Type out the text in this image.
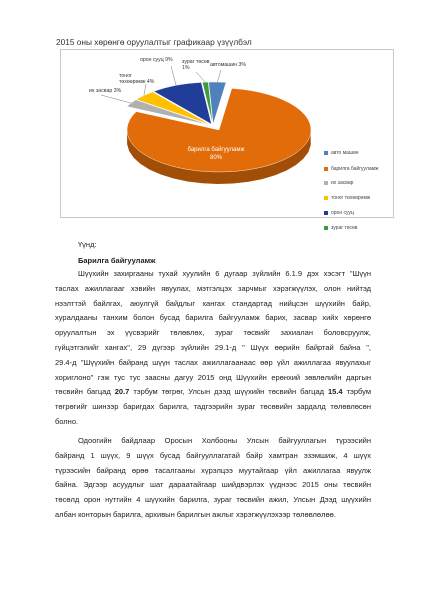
2015 оны хөрөнгө оруулалтыг графикаар үзүүлбэл
тоног
төхөөрөмж 4%
их засвар 3%
орон сууц 9% зураг төсөв
1%	автомашин 3%
барилга байгууламж
80%
авто машин
барилга байгууламж
их засвар
тоног төхөөрөмж
орон сууц
зураг төсөв
Үүнд:
Барилга байгууламж
Шүүхийн захиргааны тухай хуулийн 6 дугаар зүйлийн 6.1.9 дэх хэсэгт "Шүүн
таслах ажиллагааг хэвийн явуулах, мэтгэлцэх зарчмыг хэрэгжүүлэх, олон нийтэд
нээлттэй байлгах, аюулгүй байдлыг хангах стандартад нийцсэн шүүхийн байр,
хуралдааны танхим болон бусад барилга байгууламж барих, засвар хийх хөрөнгө
оруулалтын эх үүсвэрийг төлөвлөх, зураг төсвийг захиалан боловсруулж,
гүйцэтгэлийг хангах", 29 дүгээр зүйлийн 29.1-д " Шүүх өөрийн байртай байна ",
29.4-д "Шүүхийн байранд шүүн таслах ажиллагаанаас өөр үйл ажиллагаа явуулахыг
хориглоно" гэж тус тус заасны дагуу 2015 онд Шүүхийн ерөнхий зөвлөлийн даргын
төсвийн багцад 20.7 тэрбум төгрөг, Улсын дээд шүүхийн төсвийн багцад 15.4 тэрбум
төгрөгийг шинээр баригдах барилга, тадгээрийн зураг төсөвийн зардалд төлөвлөсөн
болно.
Одоогийн байдлаар Оросын Холбооны Улсын байгууллагын түрээсийн
байранд 1 шүүх, 9 шүүх бусад байгууллагатай байр хамтран эзэмшиж, 4 шүүх
түрээсийн байранд өрөө тасалгааны хүрэлцээ муутайгаар үйл ажиллагаа явуулж
байна. Эдгээр асуудлыг шат дараатайгаар шийдвэрлэх үүднээс 2015 оны төсвийн
төсөлд орон нутгийн 4 шүүхийн барилга, зураг төсвийн ажил, Улсын Дээд шүүхийн
албан конторын барилга, архивын барилгын ажлыг хэрэгжүүлэхээр төлөвлөлөө.
